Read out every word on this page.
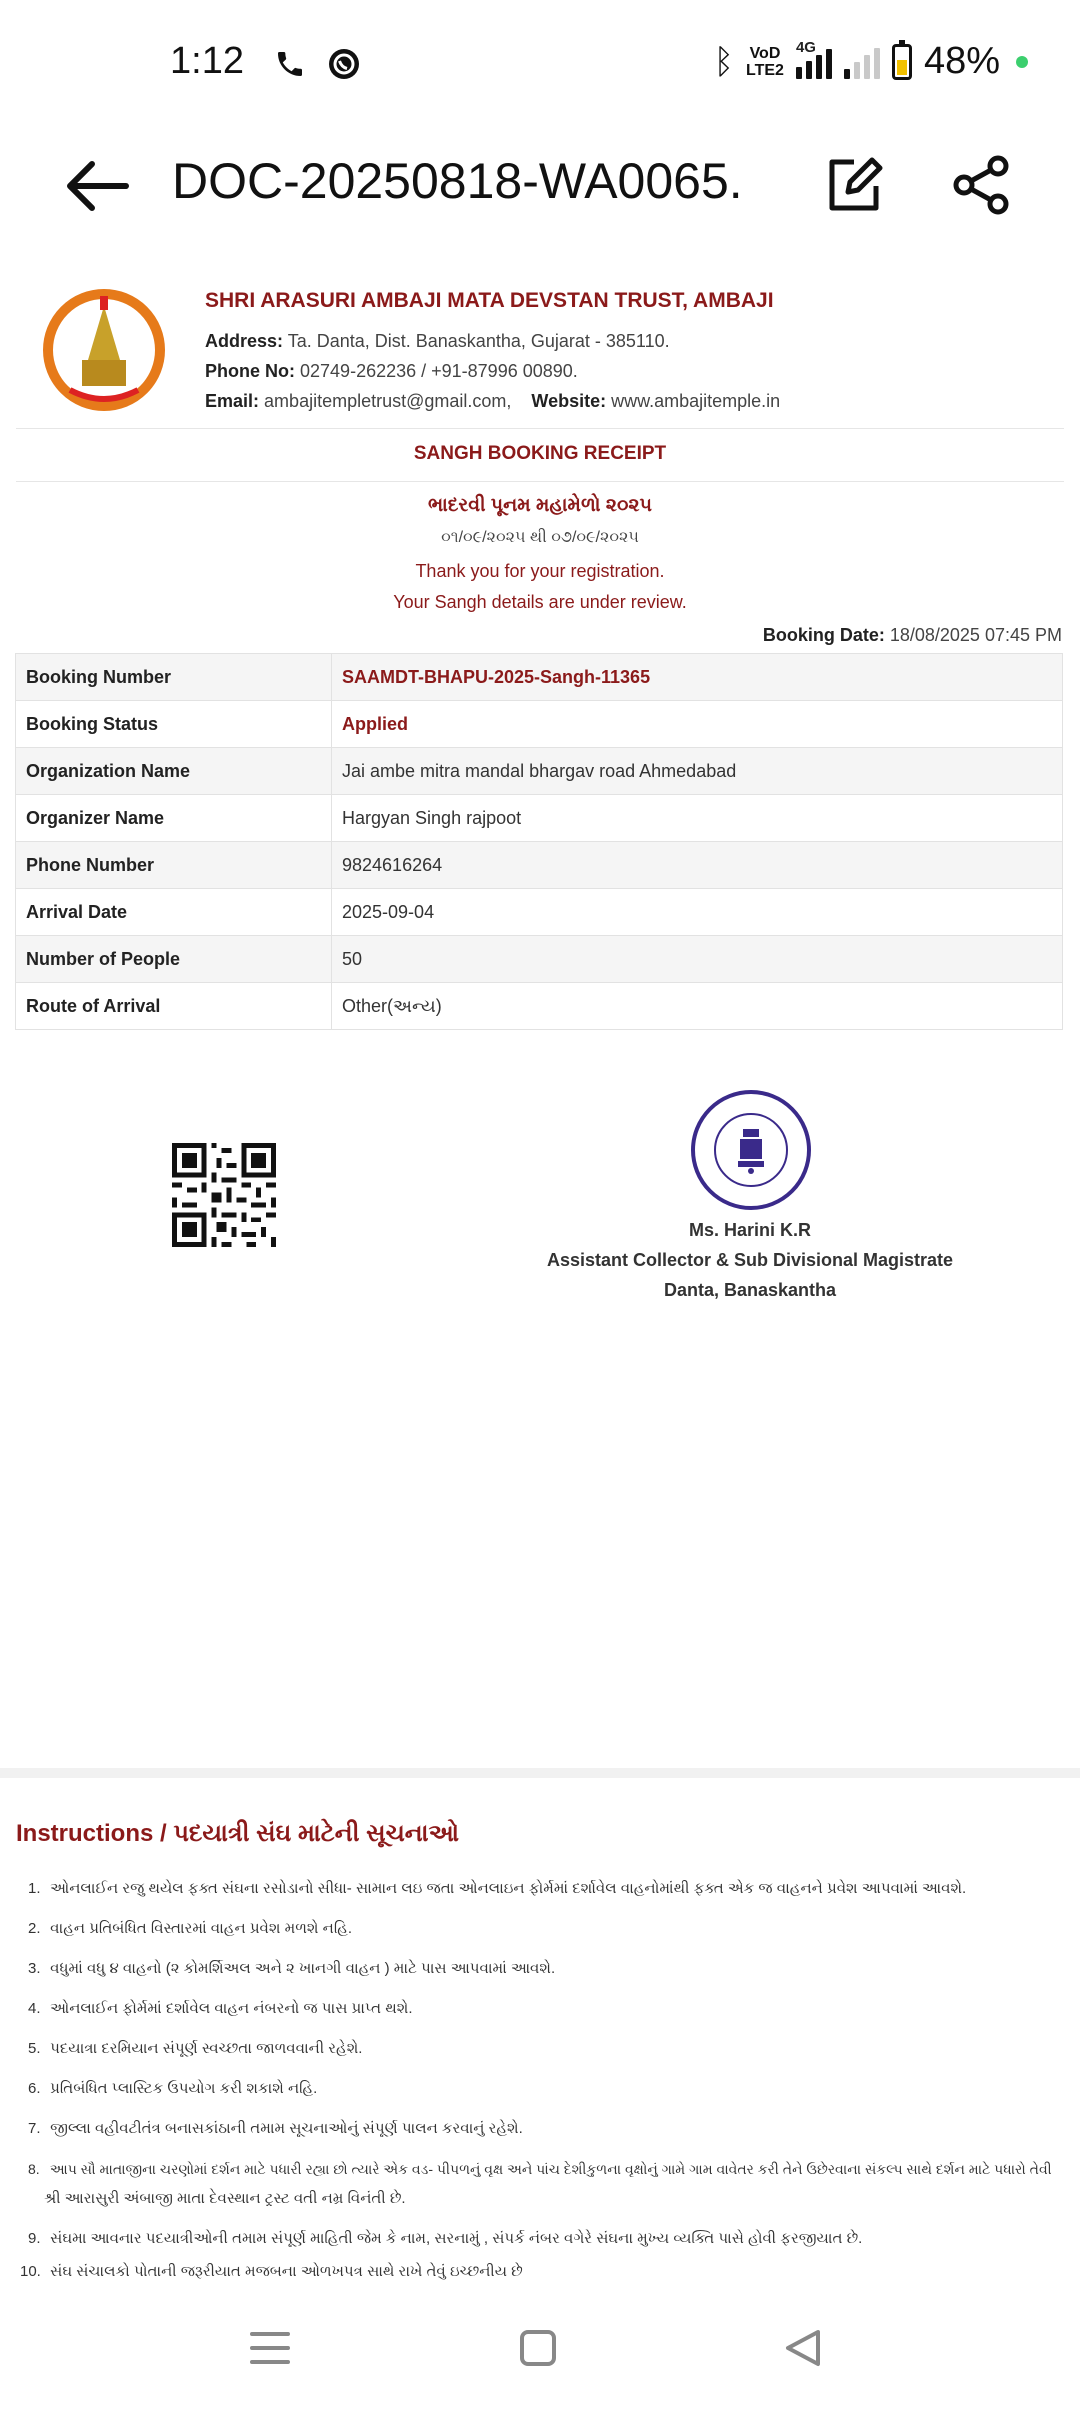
1:12	ᛒ VoD
LTE2
4G	48%
DOC-20250818-WA0065.
SHRI ARASURI AMBAJI MATA DEVSTAN TRUST, AMBAJI
Address: Ta. Danta, Dist. Banaskantha, Gujarat - 385110.
Phone No: 02749-262236 / +91-87996 00890.
Email: ambajitempletrust@gmail.com, Website: www.ambajitemple.in
SANGH BOOKING RECEIPT
ભાદરવી પૂનમ મહામેળો ૨૦૨૫
૦૧/૦૯/૨૦૨૫ થી ૦૭/૦૯/૨૦૨૫
Thank you for your registration.
Your Sangh details are under review.
Booking Date: 18/08/2025 07:45 PM
Booking Number	SAAMDT-BHAPU-2025-Sangh-11365
Booking Status	Applied
Organization Name	Jai ambe mitra mandal bhargav road Ahmedabad
Organizer Name	Hargyan Singh rajpoot
Phone Number	9824616264
Arrival Date	2025-09-04
Number of People	50
Route of Arrival	Other(અન્ય)
Ms. Harini K.R
Assistant Collector & Sub Divisional Magistrate
Danta, Banaskantha
Instructions / પદયાત્રી સંઘ માટેની સૂચનાઓ
1. ઓનલાઈન રજુ થયેલ ફક્ત સંઘના રસોડાનો સીધા- સામાન લઇ જતા ઓનલાઇન ફોર્મમાં દર્શાવેલ વાહનોમાંથી ફક્ત એક જ વાહનને પ્રવેશ આપવામાં આવશે.
2. વાહન પ્રતિબંધિત વિસ્તારમાં વાહન પ્રવેશ મળશે નહિ.
3. વધુમાં વધુ ૪ વાહનો (૨ કોમર્શિઅલ અને ૨ ખાનગી વાહન ) માટે પાસ આપવામાં આવશે.
4. ઓનલાઈન ફોર્મમાં દર્શાવેલ વાહન નંબરનો જ પાસ પ્રાપ્ત થશે.
5. પદયાત્રા દરમિયાન સંપૂર્ણ સ્વચ્છતા જાળવવાની રહેશે.
6. પ્રતિબંધિત પ્લાસ્ટિક ઉપયોગ કરી શકાશે નહિ.
7. જીલ્લા વહીવટીતંત્ર બનાસકાંઠાની તમામ સૂચનાઓનું સંપૂર્ણ પાલન કરવાનું રહેશે.
8. આપ સૌ માતાજીના ચરણોમાં દર્શન માટે પધારી રહ્યા છો ત્યારે એક વડ- પીપળનું વૃક્ષ અને પાંચ દેશીકુળના વૃક્ષોનું ગામે ગામ વાવેતર કરી તેને ઉછેરવાના સંકલ્પ સાથે દર્શન માટે પધારો તેવી
શ્રી આરાસુરી અંબાજી માતા દેવસ્થાન ટ્રસ્ટ વતી નમ્ર વિનંતી છે.
9. સંઘમા આવનાર પદયાત્રીઓની તમામ સંપૂર્ણ માહિતી જેમ કે નામ, સરનામું , સંપર્ક નંબર વગેરે સંઘના મુખ્ય વ્યક્તિ પાસે હોવી ફરજીયાત છે.
10. સંઘ સંચાલકો પોતાની જરૂરીયાત મજબના ઓળખપત્ર સાથે રાખે તેવું ઇચ્છનીય છે
